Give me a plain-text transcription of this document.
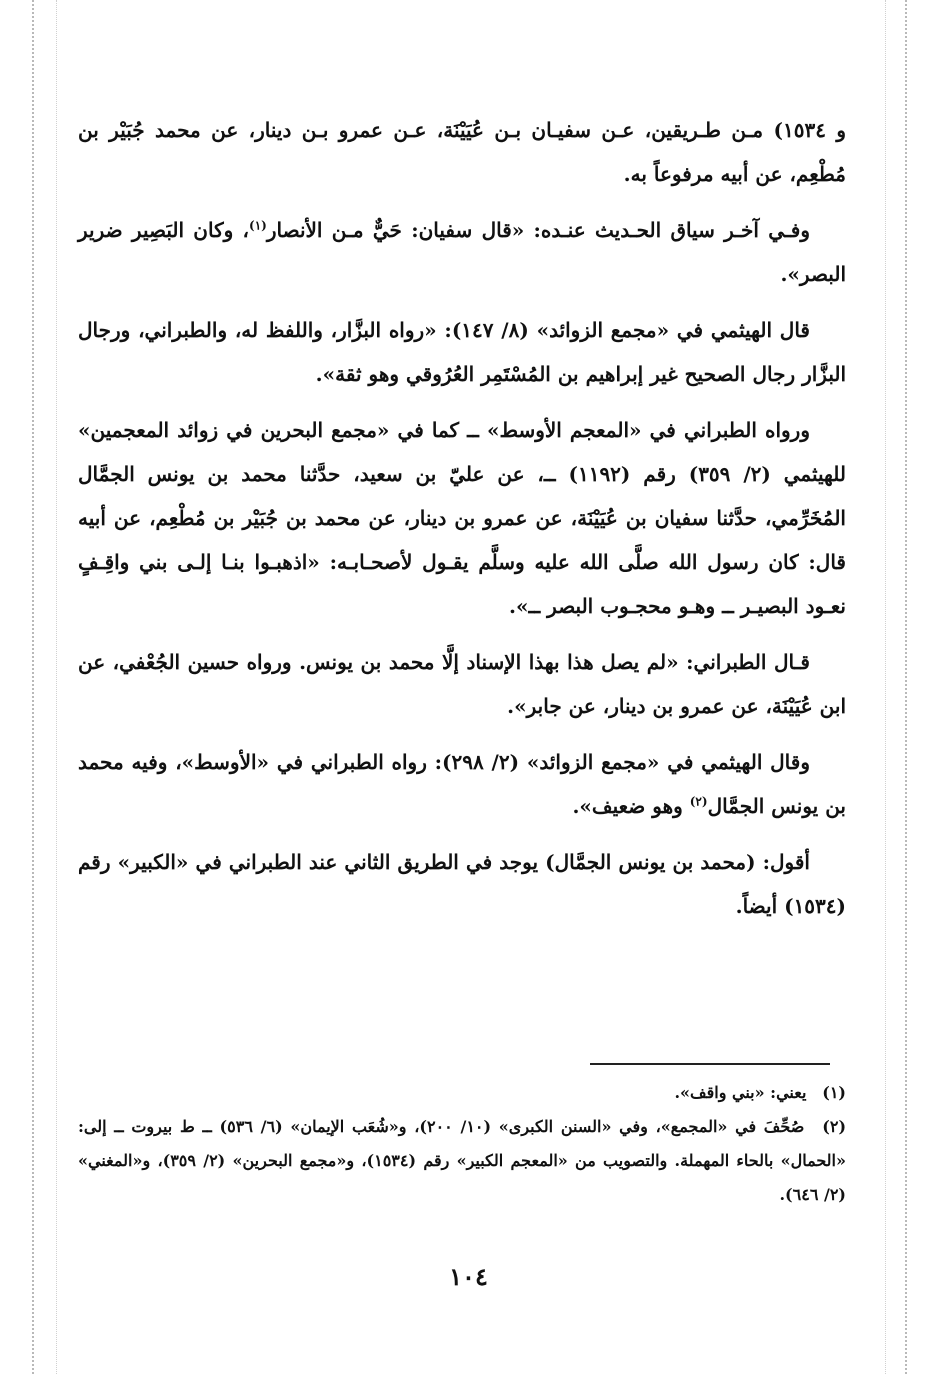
و ١٥٣٤) مـن طـريقين، عـن سفيـان بـن عُيَيْنَة، عـن عمرو بـن دينار، عن محمد جُبَيْر بن مُطْعِم، عن أبيه مرفوعاً به.

وفـي آخـر سياق الحـديث عنـده: «قال سفيان: حَيٌّ مـن الأنصار$^{(١)}$، وكان البَصِير ضرير البصر».

قال الهيثمي في «مجمع الزوائد» (٨/ ١٤٧): «رواه البزَّار، واللفظ له، والطبراني، ورجال البزَّار رجال الصحيح غير إبراهيم بن المُسْتَمِر العُرُوقي وهو ثقة».

ورواه الطبراني في «المعجم الأوسط» ــ كما في «مجمع البحرين في زوائد المعجمين» للهيثمي (٢/ ٣٥٩) رقم (١١٩٢) ــ، عن عليّ بن سعيد، حدَّثنا محمد بن يونس الجمَّال المُخَرِّمي، حدَّثنا سفيان بن عُيَيْنَة، عن عمرو بن دينار، عن محمد بن جُبَيْر بن مُطْعِم، عن أبيه قال: كان رسول الله صلَّى الله عليه وسلَّم يقـول لأصحـابـه: «اذهبـوا بنـا إلـى بني واقِـفٍ نعـود البصيـر ــ وهـو محجـوب البصر ــ».

قـال الطبراني: «لم يصل هذا بهذا الإسناد إلَّا محمد بن يونس. ورواه حسين الجُعْفي، عن ابن عُيَيْنَة، عن عمرو بن دينار، عن جابر».

وقال الهيثمي في «مجمع الزوائد» (٢/ ٢٩٨): رواه الطبراني في «الأوسط»، وفيه محمد بن يونس الجمَّال$^{(٢)}$ وهو ضعيف».

أقول: (محمد بن يونس الجمَّال) يوجد في الطريق الثاني عند الطبراني في «الكبير» رقم (١٥٣٤) أيضاً.

(١) يعني: «بني واقف».

(٢) صُحِّفَ في «المجمع»، وفي «السنن الكبرى» (١٠/ ٢٠٠)، و«شُعَب الإيمان» (٦/ ٥٣٦) ــ ط بيروت ــ إلى: «الحمال» بالحاء المهملة. والتصويب من «المعجم الكبير» رقم (١٥٣٤)، و«مجمع البحرين» (٢/ ٣٥٩)، و«المغني» (٢/ ٦٤٦).

١٠٤
